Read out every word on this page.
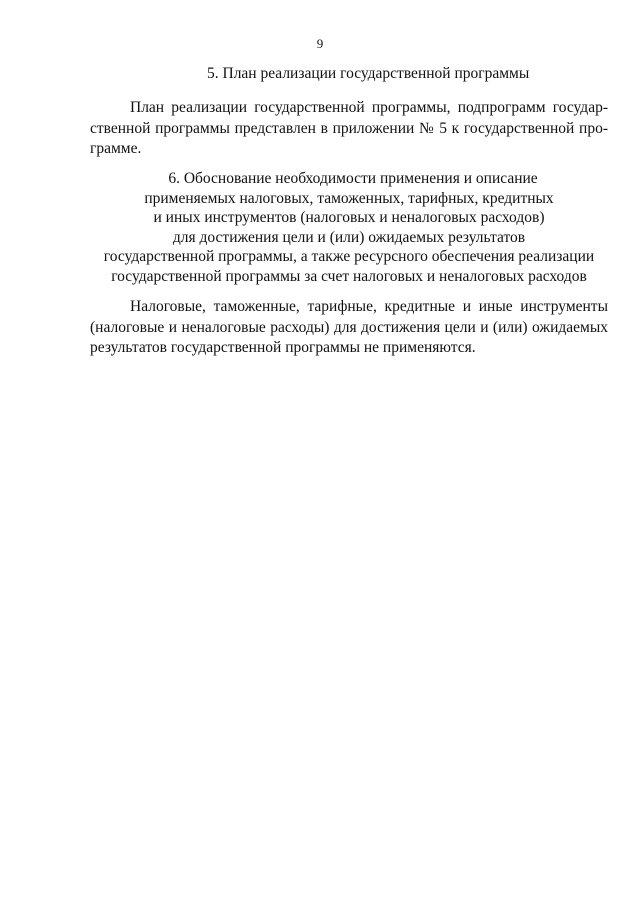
9
5. План реализации государственной программы
План реализации государственной программы, подпрограмм государ-
ственной программы представлен в приложении № 5 к государственной про-
грамме.
6. Обоснование необходимости применения и описание
применяемых налоговых, таможенных, тарифных, кредитных
и иных инструментов (налоговых и неналоговых расходов)
для достижения цели и (или) ожидаемых результатов
государственной программы, а также ресурсного обеспечения реализации
государственной программы за счет налоговых и неналоговых расходов
Налоговые, таможенные, тарифные, кредитные и иные инструменты
(налоговые и неналоговые расходы) для достижения цели и (или) ожидаемых
результатов государственной программы не применяются.
